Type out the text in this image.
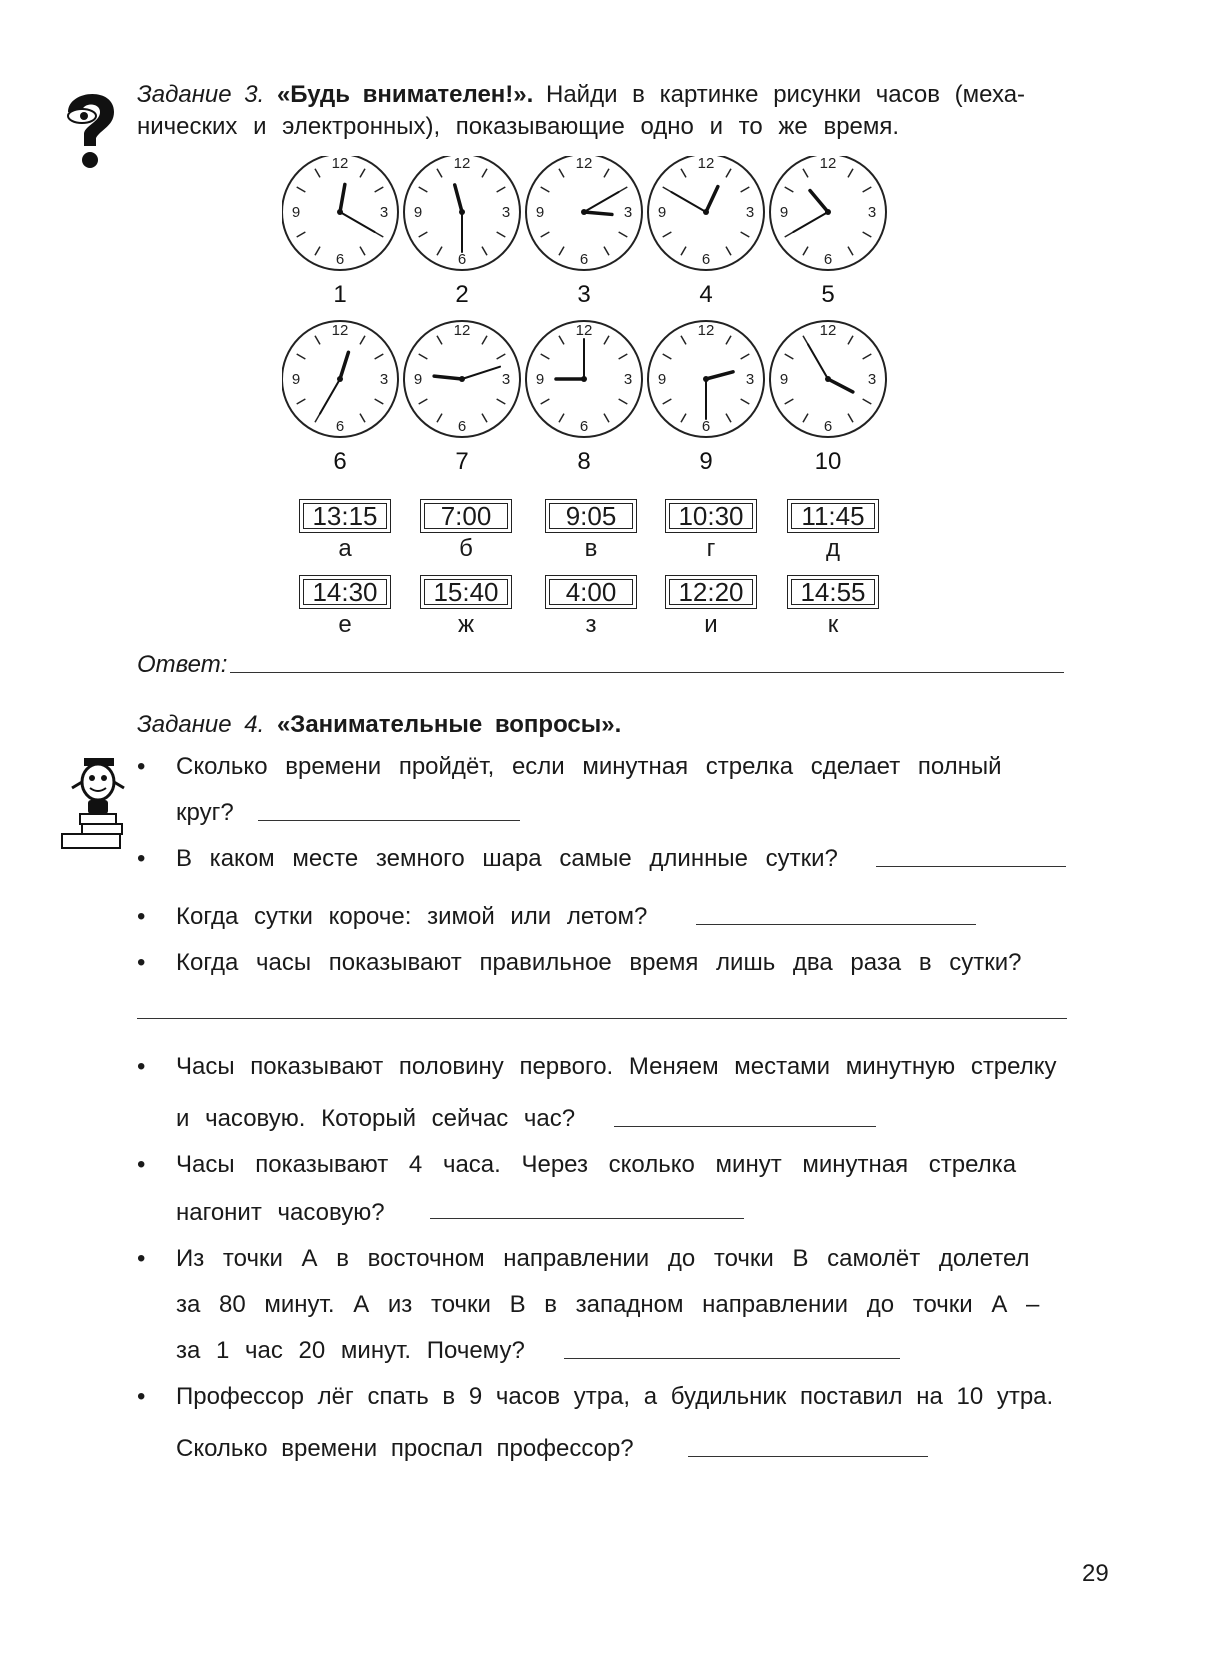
Задание 3. «Будь внимателен!». Найди в картинке рисунки часов (меха-
нических и электронных), показывающие одно и то же время.
12
3
6
9
1
12
3
6
9
2
12
3
6
9
3
12
3
6
9
4
12
3
6
9
5
12
3
6
9
6
12
3
6
9
7
12
3
6
9
8
12
3
6
9
9
12
3
6
9
10
13:15
а
7:00
б
9:05
в
10:30
г
11:45
д
14:30
е
15:40
ж
4:00
з
12:20
и
14:55
к
Ответ:
Задание 4. «Занимательные вопросы».
• Сколько времени пройдёт, если минутная стрелка сделает полный
круг?
• В каком месте земного шара самые длинные сутки?
• Когда сутки короче: зимой или летом?
• Когда часы показывают правильное время лишь два раза в сутки?
• Часы показывают половину первого. Меняем местами минутную стрелку
и часовую. Который сейчас час?
• Часы показывают 4 часа. Через сколько минут минутная стрелка
нагонит часовую?
• Из точки А в восточном направлении до точки В самолёт долетел
за 80 минут. А из точки В в западном направлении до точки А –
за 1 час 20 минут. Почему?
• Профессор лёг спать в 9 часов утра, а будильник поставил на 10 утра.
Сколько времени проспал профессор?
29
